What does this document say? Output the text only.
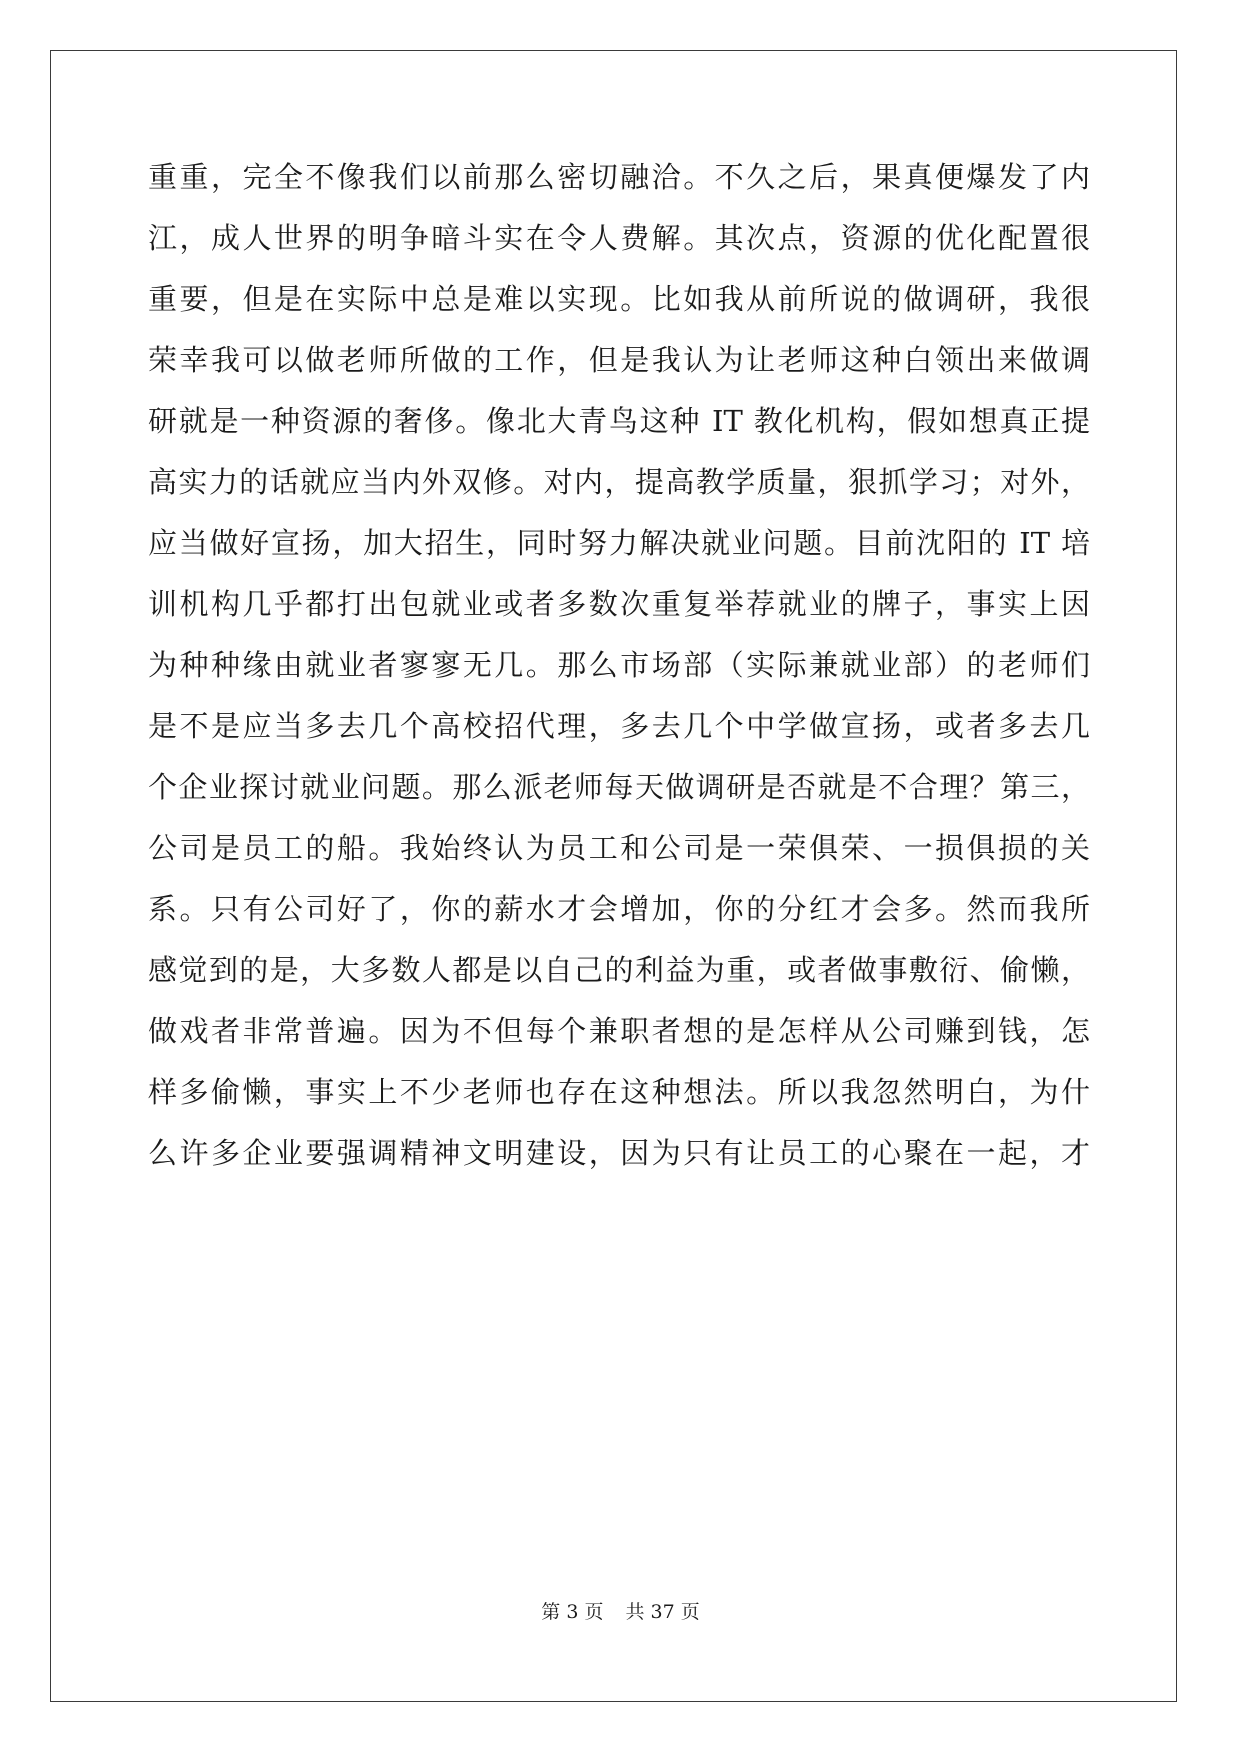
重重，完全不像我们以前那么密切融洽。不久之后，果真便爆发了内
江，成人世界的明争暗斗实在令人费解。其次点，资源的优化配置很
重要，但是在实际中总是难以实现。比如我从前所说的做调研，我很
荣幸我可以做老师所做的工作，但是我认为让老师这种白领出来做调
研就是一种资源的奢侈。像北大青鸟这种 IT 教化机构，假如想真正提
高实力的话就应当内外双修。对内，提高教学质量，狠抓学习；对外，
应当做好宣扬，加大招生，同时努力解决就业问题。目前沈阳的 IT 培
训机构几乎都打出包就业或者多数次重复举荐就业的牌子，事实上因
为种种缘由就业者寥寥无几。那么市场部（实际兼就业部）的老师们
是不是应当多去几个高校招代理，多去几个中学做宣扬，或者多去几
个企业探讨就业问题。那么派老师每天做调研是否就是不合理？第三，
公司是员工的船。我始终认为员工和公司是一荣俱荣、一损俱损的关
系。只有公司好了，你的薪水才会增加，你的分红才会多。然而我所
感觉到的是，大多数人都是以自己的利益为重，或者做事敷衍、偷懒，
做戏者非常普遍。因为不但每个兼职者想的是怎样从公司赚到钱，怎
样多偷懒，事实上不少老师也存在这种想法。所以我忽然明白，为什
么许多企业要强调精神文明建设，因为只有让员工的心聚在一起，才
第 3 页 共 37 页
